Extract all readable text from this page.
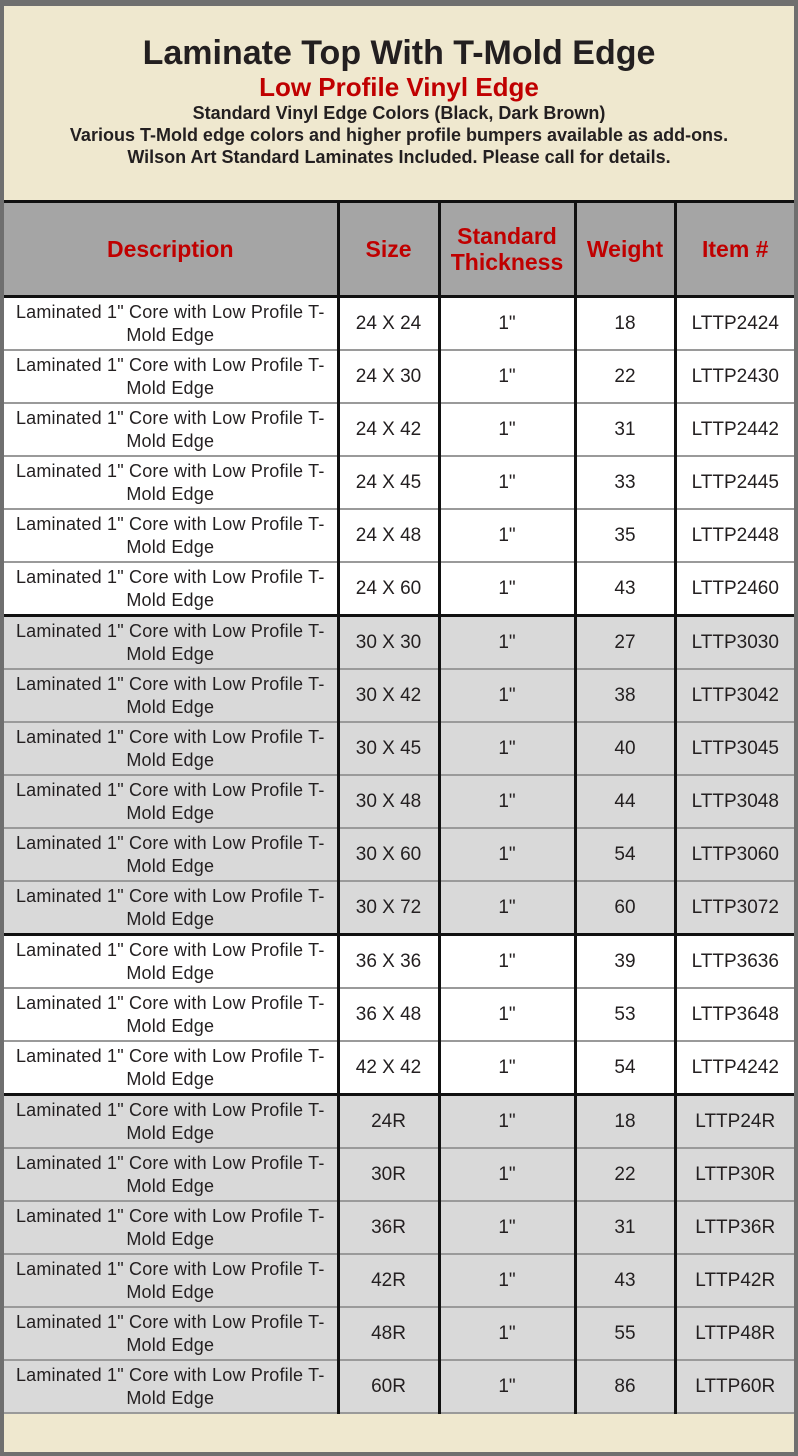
Laminate Top With T-Mold Edge
Low Profile Vinyl Edge
Standard Vinyl Edge Colors (Black, Dark Brown)
Various T-Mold edge colors and higher profile bumpers available as add-ons.
Wilson Art Standard Laminates Included. Please call for details.
Description	Size	Standard Thickness	Weight	Item #
Laminated 1" Core with Low Profile T-Mold Edge	24 X 24	1"	18	LTTP2424
Laminated 1" Core with Low Profile T-Mold Edge	24 X 30	1"	22	LTTP2430
Laminated 1" Core with Low Profile T-Mold Edge	24 X 42	1"	31	LTTP2442
Laminated 1" Core with Low Profile T-Mold Edge	24 X 45	1"	33	LTTP2445
Laminated 1" Core with Low Profile T-Mold Edge	24 X 48	1"	35	LTTP2448
Laminated 1" Core with Low Profile T-Mold Edge	24 X 60	1"	43	LTTP2460
Laminated 1" Core with Low Profile T-Mold Edge	30 X 30	1"	27	LTTP3030
Laminated 1" Core with Low Profile T-Mold Edge	30 X 42	1"	38	LTTP3042
Laminated 1" Core with Low Profile T-Mold Edge	30 X 45	1"	40	LTTP3045
Laminated 1" Core with Low Profile T-Mold Edge	30 X 48	1"	44	LTTP3048
Laminated 1" Core with Low Profile T-Mold Edge	30 X 60	1"	54	LTTP3060
Laminated 1" Core with Low Profile T-Mold Edge	30 X 72	1"	60	LTTP3072
Laminated 1" Core with Low Profile T-Mold Edge	36 X 36	1"	39	LTTP3636
Laminated 1" Core with Low Profile T-Mold Edge	36 X 48	1"	53	LTTP3648
Laminated 1" Core with Low Profile T-Mold Edge	42 X 42	1"	54	LTTP4242
Laminated 1" Core with Low Profile T-Mold Edge	24R	1"	18	LTTP24R
Laminated 1" Core with Low Profile T-Mold Edge	30R	1"	22	LTTP30R
Laminated 1" Core with Low Profile T-Mold Edge	36R	1"	31	LTTP36R
Laminated 1" Core with Low Profile T-Mold Edge	42R	1"	43	LTTP42R
Laminated 1" Core with Low Profile T-Mold Edge	48R	1"	55	LTTP48R
Laminated 1" Core with Low Profile T-Mold Edge	60R	1"	86	LTTP60R
